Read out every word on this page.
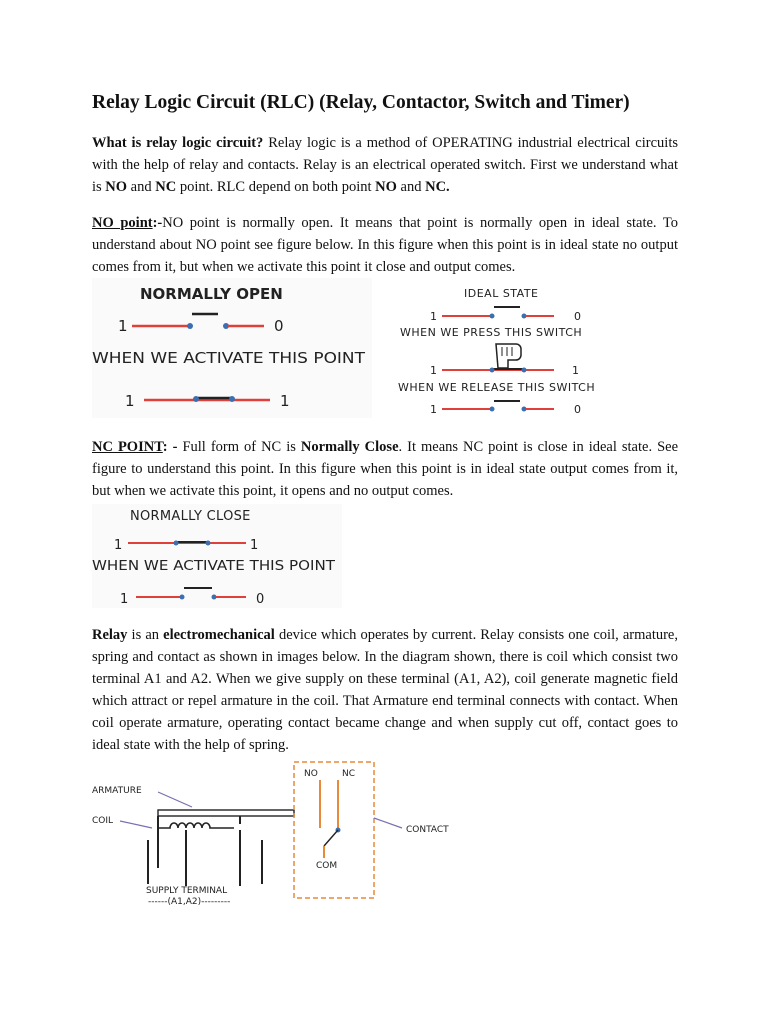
Relay Logic Circuit (RLC) (Relay, Contactor, Switch and Timer)

What is relay logic circuit? Relay logic is a method of OPERATING industrial electrical circuits with the help of relay and contacts. Relay is an electrical operated switch. First we understand what is NO and NC point. RLC depend on both point NO and NC.

NO point:-NO point is normally open. It means that point is normally open in ideal state. To understand about NO point see figure below. In this figure when this point is in ideal state no output comes from it, but when we activate this point it close and output comes.

NORMALLY OPEN
1	0
WHEN WE ACTIVATE THIS POINT
1	1
IDEAL STATE
1	0
WHEN WE PRESS THIS SWITCH
1	1
WHEN WE RELEASE THIS SWITCH
1	0

NC POINT: - Full form of NC is Normally Close. It means NC point is close in ideal state. See figure to understand this point. In this figure when this point is in ideal state output comes from it, but when we activate this point, it opens and no output comes.

NORMALLY CLOSE
1	1
WHEN WE ACTIVATE THIS POINT
1	0

Relay is an electromechanical device which operates by current. Relay consists one coil, armature, spring and contact as shown in images below. In the diagram shown, there is coil which consist two terminal A1 and A2. When we give supply on these terminal (A1, A2), coil generate magnetic field which attract or repel armature in the coil. That Armature end terminal connects with contact. When coil operate armature, operating contact became change and when supply cut off, contact goes to ideal state with the help of spring.

ARMATURE
COIL
NO	NC
COM
CONTACT
SUPPLY TERMINAL
------(A1,A2)---------
